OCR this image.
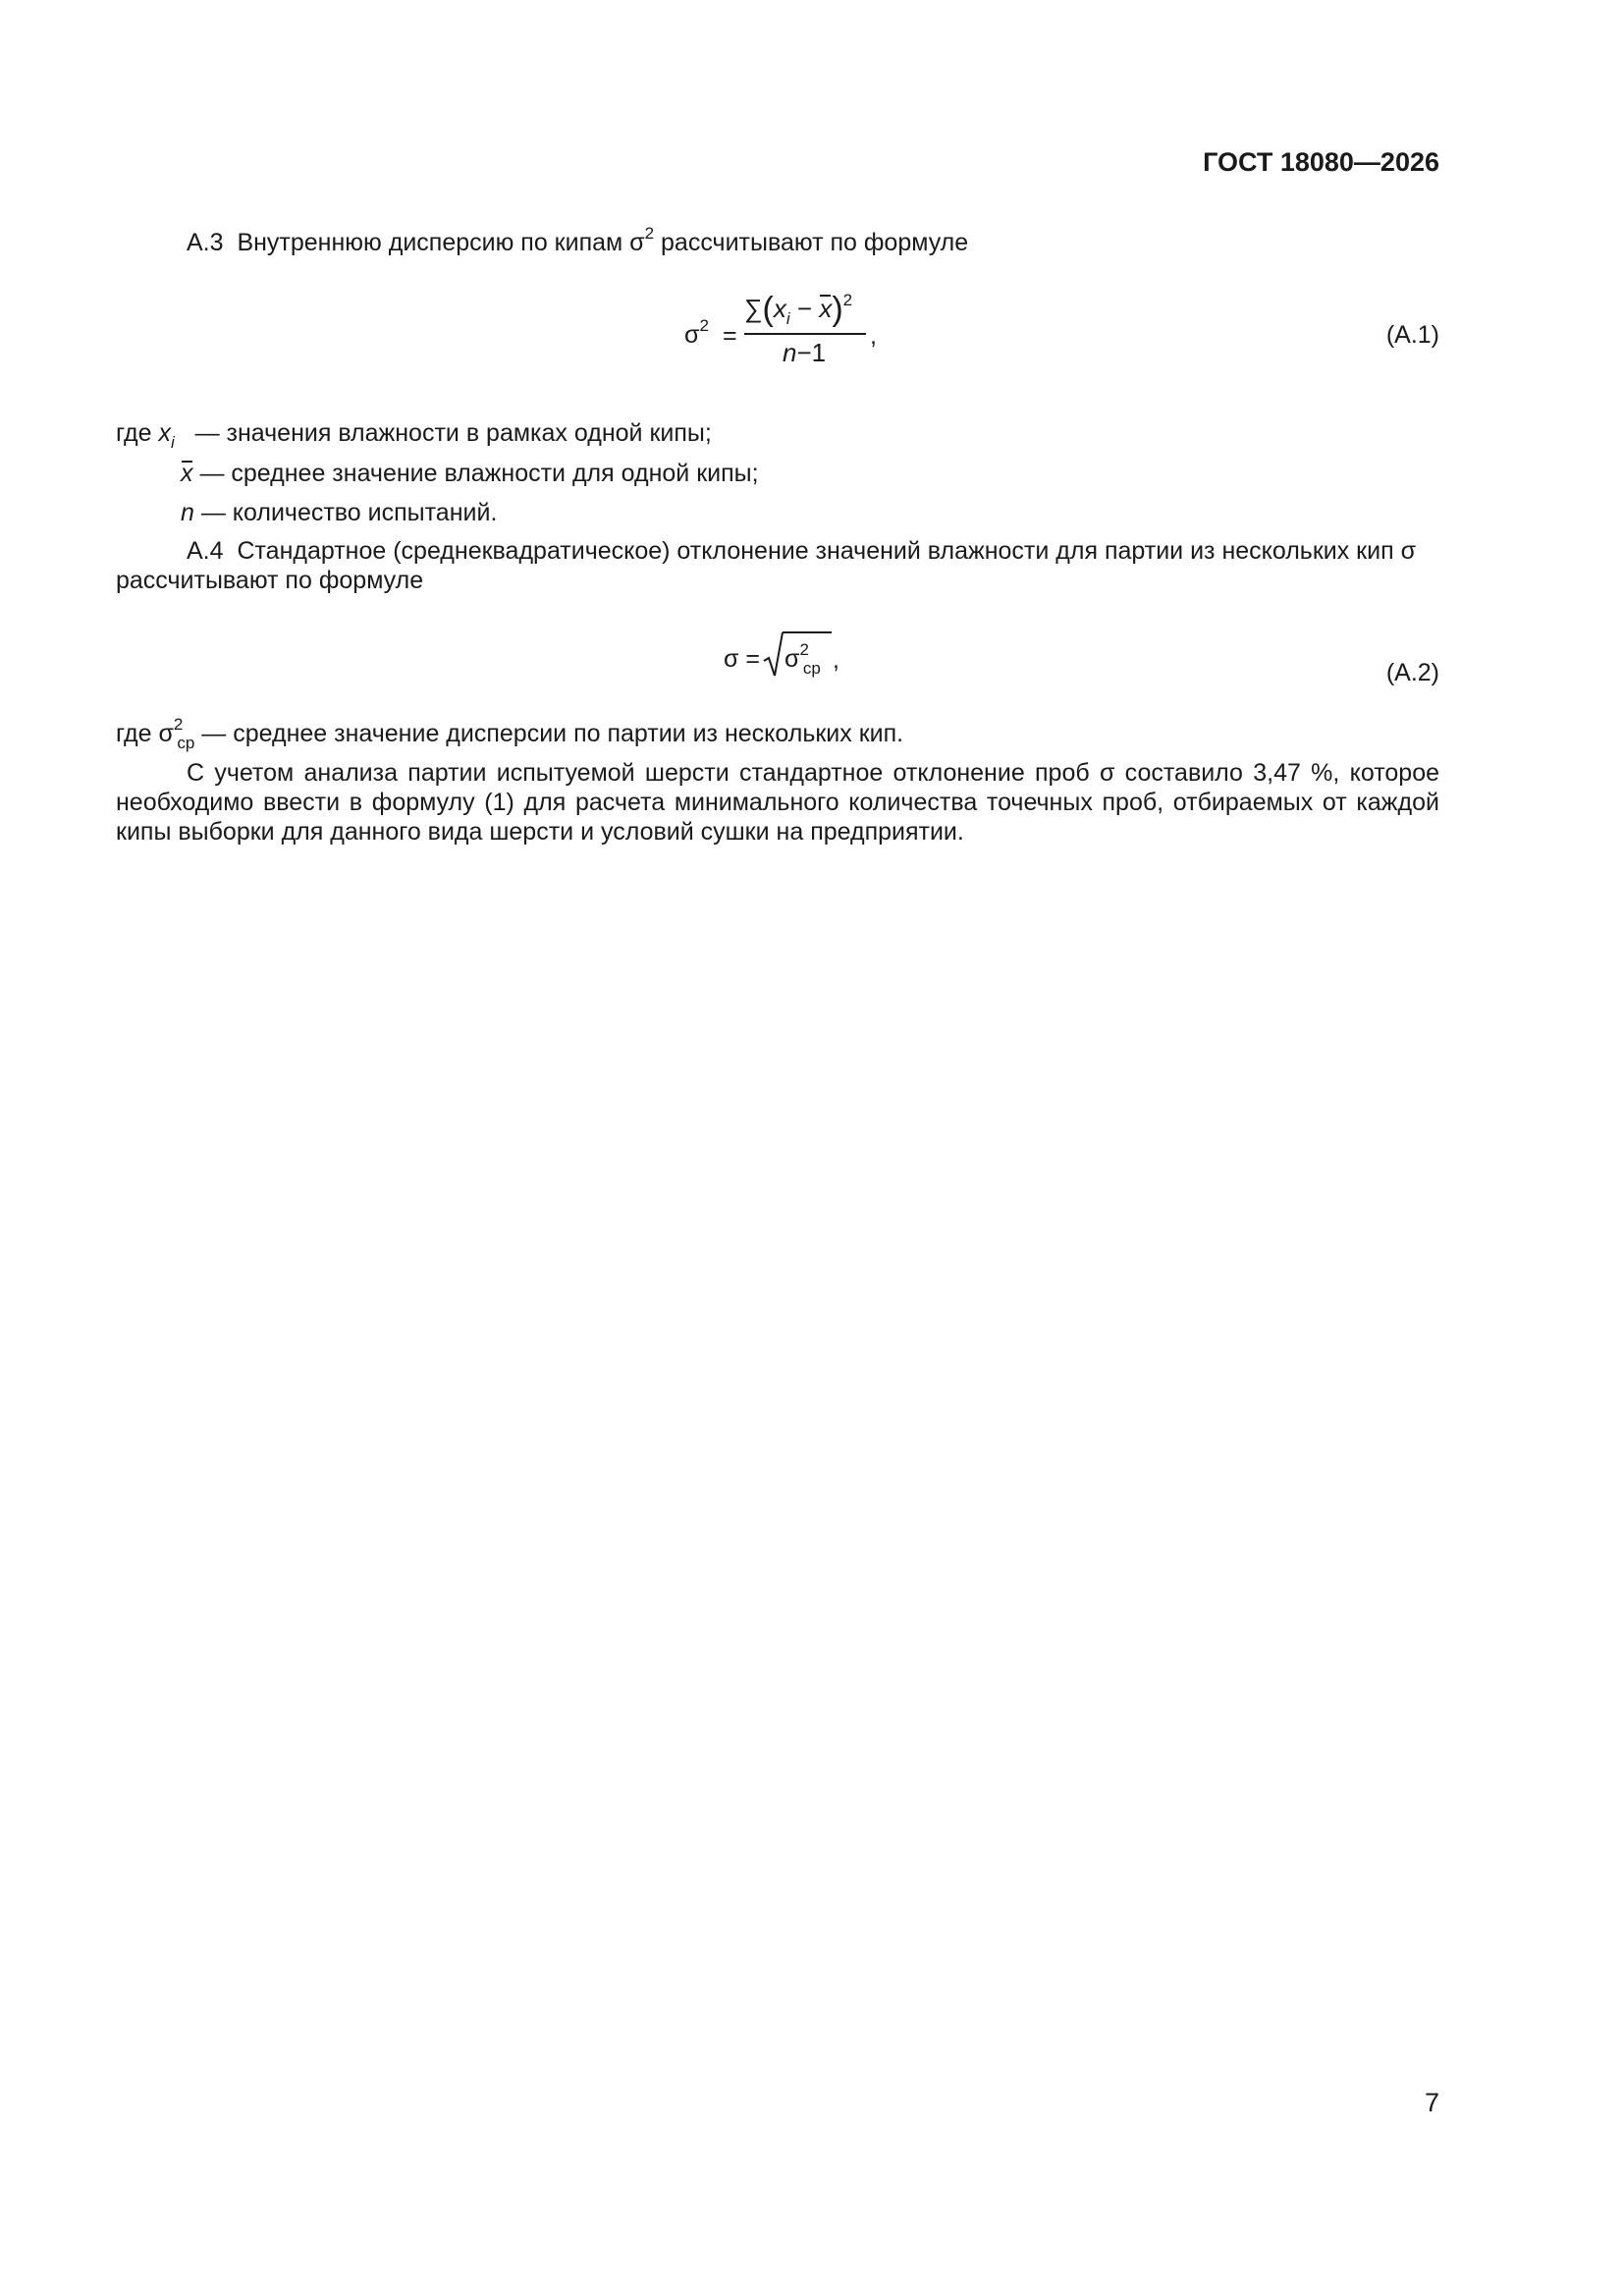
ГОСТ 18080—2026
А.3 Внутреннюю дисперсию по кипам $\sigma^2$ рассчитывают по формуле
$\sigma^2$ =
$\sum(x_i - x)^2$
n−1
,	(А.1)
где $x_i$ — значения влажности в рамках одной кипы;
x — среднее значение влажности для одной кипы;
n — количество испытаний.
А.4 Стандартное (среднеквадратическое) отклонение значений влажности для партии из нескольких кип σ
рассчитывают по формуле
$\sigma = \sigma^2_{ср}$ ,	(А.2)
где $\sigma^2_{ср}$ — среднее значение дисперсии по партии из нескольких кип.
С учетом анализа партии испытуемой шерсти стандартное отклонение проб σ составило 3,47 %, которое необходимо ввести в формулу (1) для расчета минимального количества точечных проб, отбираемых от каждой кипы выборки для данного вида шерсти и условий сушки на предприятии.
7
